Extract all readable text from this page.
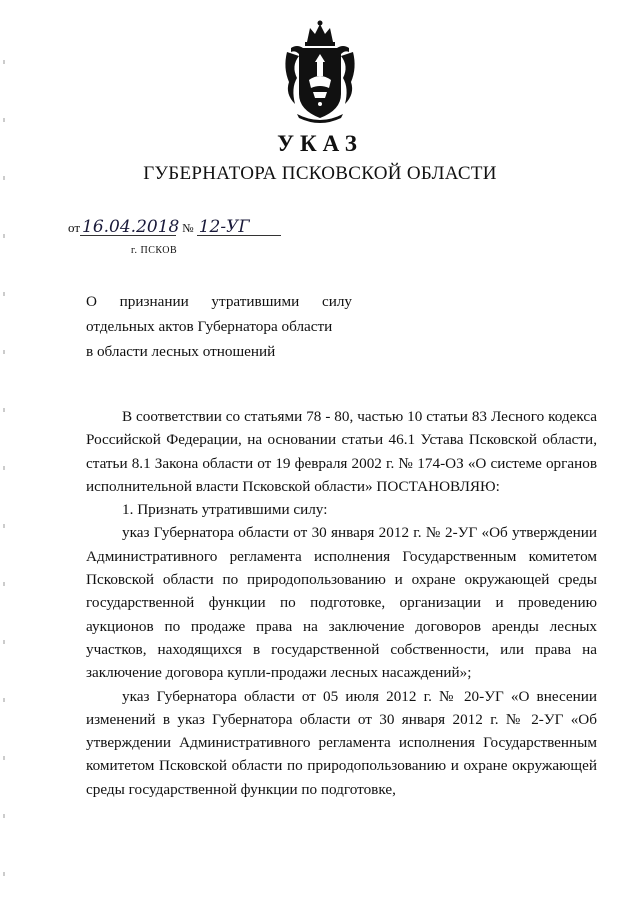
УКАЗ
ГУБЕРНАТОРА ПСКОВСКОЙ ОБЛАСТИ
от 16.04.2018 № 12-УГ
г. ПСКОВ
О признании утратившими силу
отдельных актов Губернатора области
в области лесных отношений

В соответствии со статьями 78 - 80, частью 10 статьи 83 Лесного кодекса Российской Федерации, на основании статьи 46.1 Устава Псковской области, статьи 8.1 Закона области от 19 февраля 2002 г. № 174-ОЗ «О системе органов исполнительной власти Псковской области» ПОСТАНОВЛЯЮ:

1. Признать утратившими силу:

указ Губернатора области от 30 января 2012 г. № 2-УГ «Об утверждении Административного регламента исполнения Государственным комитетом Псковской области по природопользованию и охране окружающей среды государственной функции по подготовке, организации и проведению аукционов по продаже права на заключение договоров аренды лесных участков, находящихся в государственной собственности, или права на заключение договора купли-продажи лесных насаждений»;

указ Губернатора области от 05 июля 2012 г. № 20-УГ «О внесении изменений в указ Губернатора области от 30 января 2012 г. № 2-УГ «Об утверждении Административного регламента исполнения Государственным комитетом Псковской области по природопользованию и охране окружающей среды государственной функции по подготовке,
